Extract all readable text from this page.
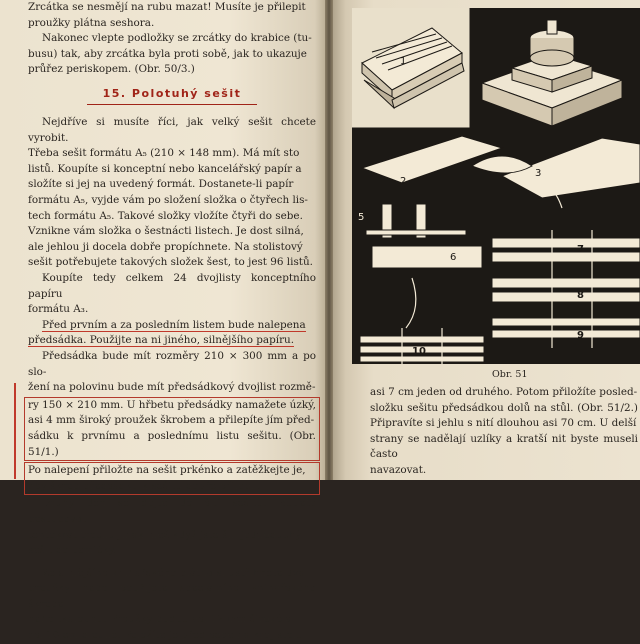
Zrcátka se nesmějí na rubu mazat! Musíte je přilepit

proužky plátna seshora.

Nakonec vlepte podložky se zrcátky do krabice (tu-

busu) tak, aby zrcátka byla proti sobě, jak to ukazuje

průřez periskopem. (Obr. 50/3.)

15. Polotuhý sešit

Nejdříve si musíte říci, jak velký sešit chcete vyrobit.

Třeba sešit formátu A₅ (210 × 148 mm). Má mít sto

listů. Koupíte si konceptní nebo kancelářský papír a

složíte si jej na uvedený formát. Dostanete-li papír

formátu A₅, vyjde vám po složení složka o čtyřech lis-

tech formátu A₅. Takové složky vložíte čtyři do sebe.

Vznikne vám složka o šestnácti listech. Je dost silná,

ale jehlou ji docela dobře propíchnete. Na stolistový

sešit potřebujete takových složek šest, to jest 96 listů.

Koupíte tedy celkem 24 dvojlisty konceptního papíru

formátu A₃.

Před prvním a za posledním listem bude nalepena

předsádka. Použijte na ni jiného, silnějšího papíru.

Předsádka bude mít rozměry 210 × 300 mm a po slo-

žení na polovinu bude mít předsádkový dvojlist rozmě-

ry 150 × 210 mm. U hřbetu předsádky namažete úzký,

asi 4 mm široký proužek škrobem a přilepíte jím před-

sádku k prvnímu a poslednímu listu sešitu. (Obr. 51/1.)

Po nalepení přiložte na sešit prkénko a zatěžkejte je,

aby škrob předsádku k sešitu dobře přilepil.

Druhý den se dejte do šití sešitu. Budete postupovat

tentokrát trochu jinak, než když jste šili jednoduchý

sešit do osmičky.

Ze silnějšího knihařského plátna si ustřihnete dva

proužky nebo použijete speciálního knihařského škrobe-

ného tkalounu. Proužky budou asi 12 mm široké a

asi 10 cm dlouhé. Položíte je před sebe na kraj stolu

1
2
3
4
5
6
7
8
9
10
Obr. 51

asi 7 cm jeden od druhého. Potom přiložíte posled-

složku sešitu předsádkou dolů na stůl. (Obr. 51/2.) Připravíte si jehlu s nití dlouhou asi 70 cm. U delší

strany se nadělají uzlíky a kratší nit byste museli často

navazovat.
